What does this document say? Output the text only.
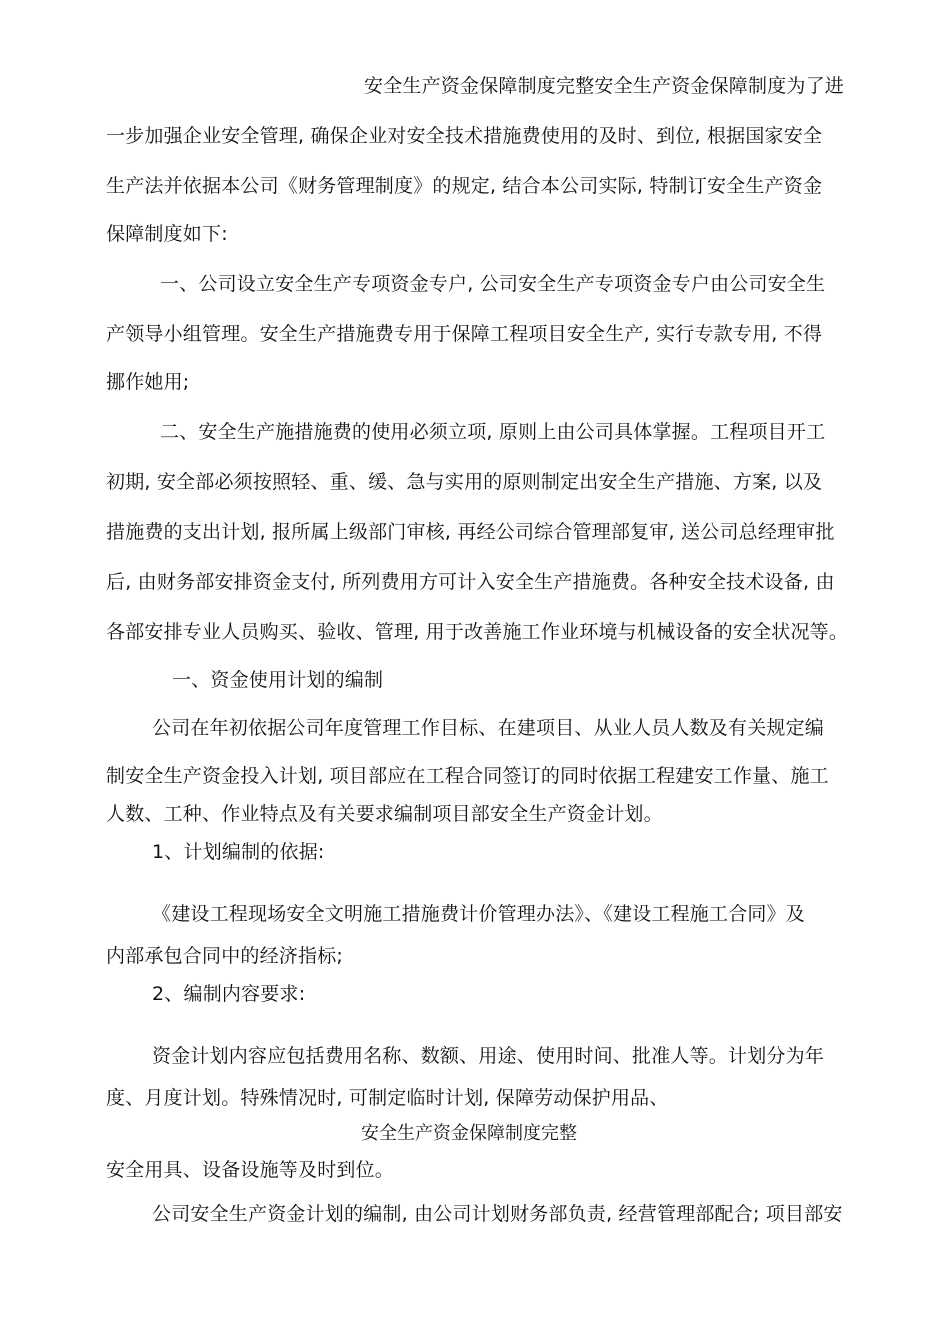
安全生产资金保障制度完整安全生产资金保障制度为了进
一步加强企业安全管理, 确保企业对安全技术措施费使用的及时、到位, 根据国家安全
生产法并依据本公司《财务管理制度》的规定, 结合本公司实际, 特制订安全生产资金
保障制度如下:
一、公司设立安全生产专项资金专户, 公司安全生产专项资金专户由公司安全生
产领导小组管理。安全生产措施费专用于保障工程项目安全生产, 实行专款专用, 不得
挪作她用;
二、安全生产施措施费的使用必须立项, 原则上由公司具体掌握。工程项目开工
初期, 安全部必须按照轻、重、缓、急与实用的原则制定出安全生产措施、方案, 以及
措施费的支出计划, 报所属上级部门审核, 再经公司综合管理部复审, 送公司总经理审批
后, 由财务部安排资金支付, 所列费用方可计入安全生产措施费。各种安全技术设备, 由
各部安排专业人员购买、验收、管理, 用于改善施工作业环境与机械设备的安全状况等。
一、资金使用计划的编制
公司在年初依据公司年度管理工作目标、在建项目、从业人员人数及有关规定编
制安全生产资金投入计划, 项目部应在工程合同签订的同时依据工程建安工作量、施工
人数、工种、作业特点及有关要求编制项目部安全生产资金计划。
1、计划编制的依据:
《建设工程现场安全文明施工措施费计价管理办法》、《建设工程施工合同》及
内部承包合同中的经济指标;
2、编制内容要求:
资金计划内容应包括费用名称、数额、用途、使用时间、批准人等。计划分为年
度、月度计划。特殊情况时, 可制定临时计划, 保障劳动保护用品、
安全生产资金保障制度完整
安全用具、设备设施等及时到位。
公司安全生产资金计划的编制, 由公司计划财务部负责, 经营管理部配合; 项目部安
